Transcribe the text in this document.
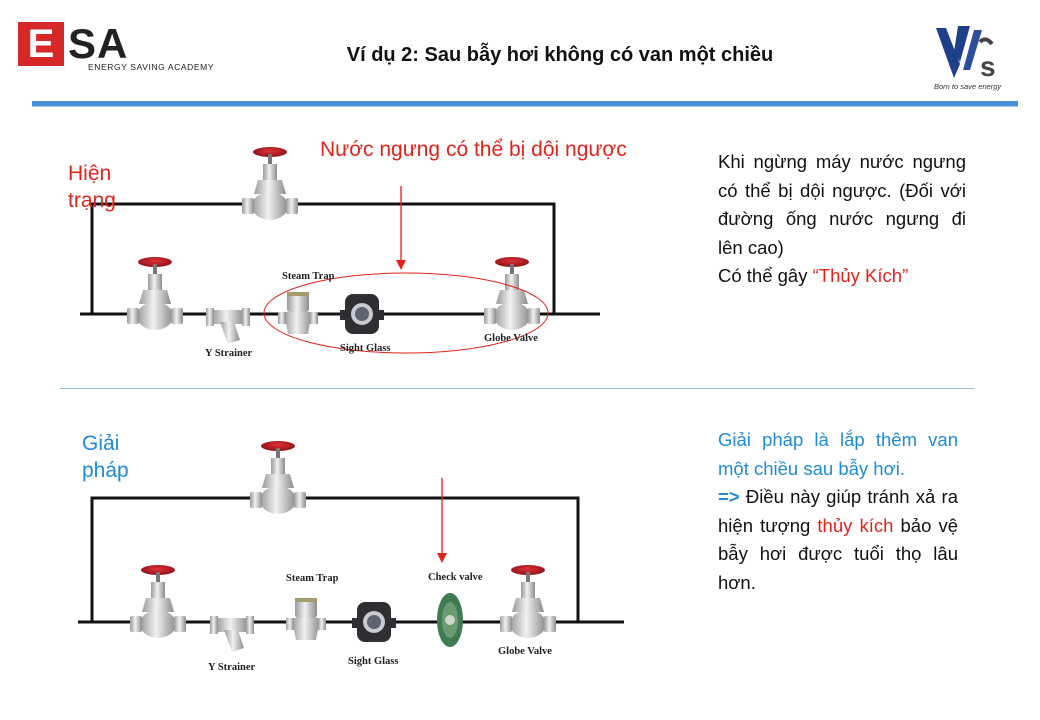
E SA
ENERGY SAVING ACADEMY
Ví dụ 2: Sau bẫy hơi không có van một chiều	s
Born to save energy
Steam Trap
Y Strainer	Sight Glass
Globe Valve
Steam Trap	Check valve
Y Strainer
Sight Glass
Globe Valve
Hiện trạng
Nước ngưng có thể bị dội ngược
Giải pháp
Khi ngừng máy nước ngưng có thể bị dội ngược. (Đối với đường ống nước ngưng đi lên cao)
Có thể gây “Thủy Kích”
Giải pháp là lắp thêm van một chiều sau bẫy hơi.
=> Điều này giúp tránh xả ra hiện tượng thủy kích bảo vệ bẫy hơi được tuổi thọ lâu hơn.
